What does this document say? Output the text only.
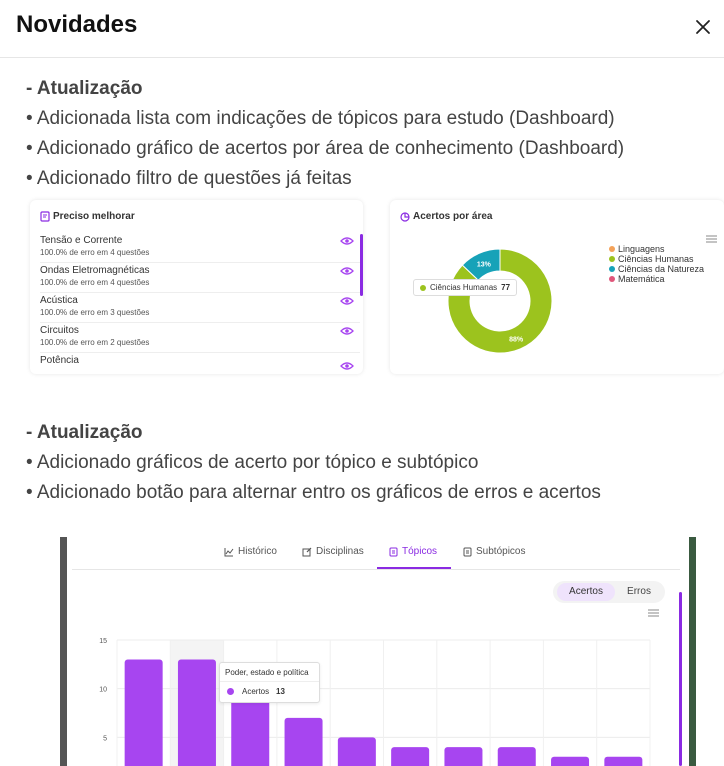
Novidades
- Atualização
• Adicionada lista com indicações de tópicos para estudo (Dashboard)
• Adicionado gráfico de acertos por área de conhecimento (Dashboard)
• Adicionado filtro de questões já feitas
Preciso melhorar
Tensão e Corrente
100.0% de erro em 4 questões
Ondas Eletromagnéticas
100.0% de erro em 4 questões
Acústica
100.0% de erro em 3 questões
Circuitos
100.0% de erro em 2 questões
Potência
Acertos por área
88%
13%
Linguagens
Ciências Humanas
Ciências da Natureza
Matemática
Ciências Humanas 77
- Atualização
• Adicionado gráficos de acerto por tópico e subtópico
• Adicionado botão para alternar entro os gráficos de erros e acertos
Histórico	Disciplinas	Tópicos	Subtópicos
Acertos	Erros
15
10
5
Poder, estado e política
Acertos 13
